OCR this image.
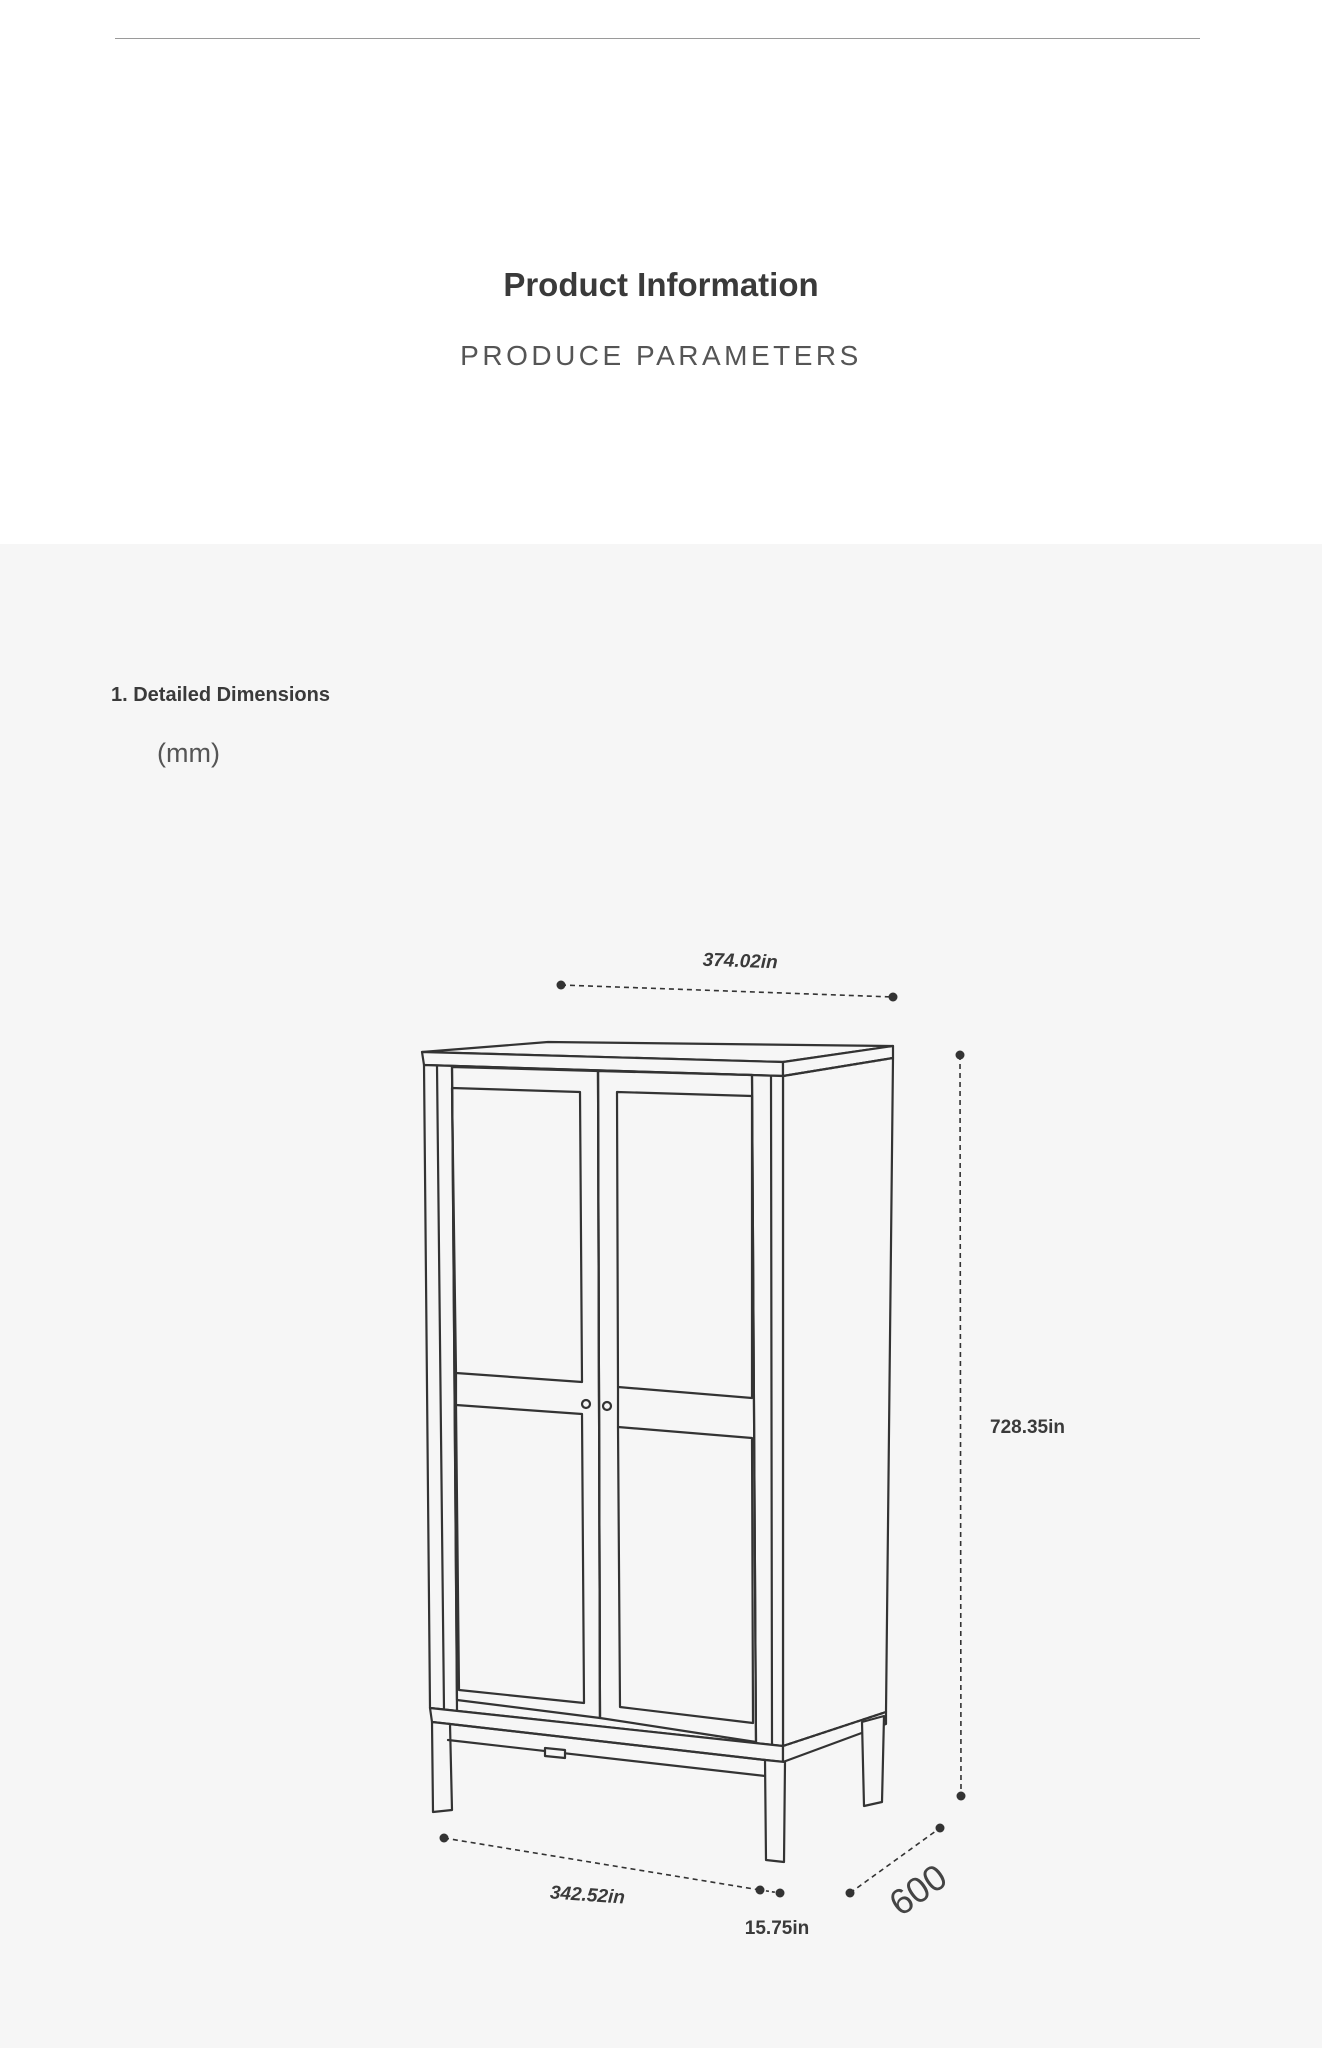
Product Information
PRODUCE PARAMETERS
1. Detailed Dimensions
(mm)
374.02in
728.35in
342.52in
15.75in
600
